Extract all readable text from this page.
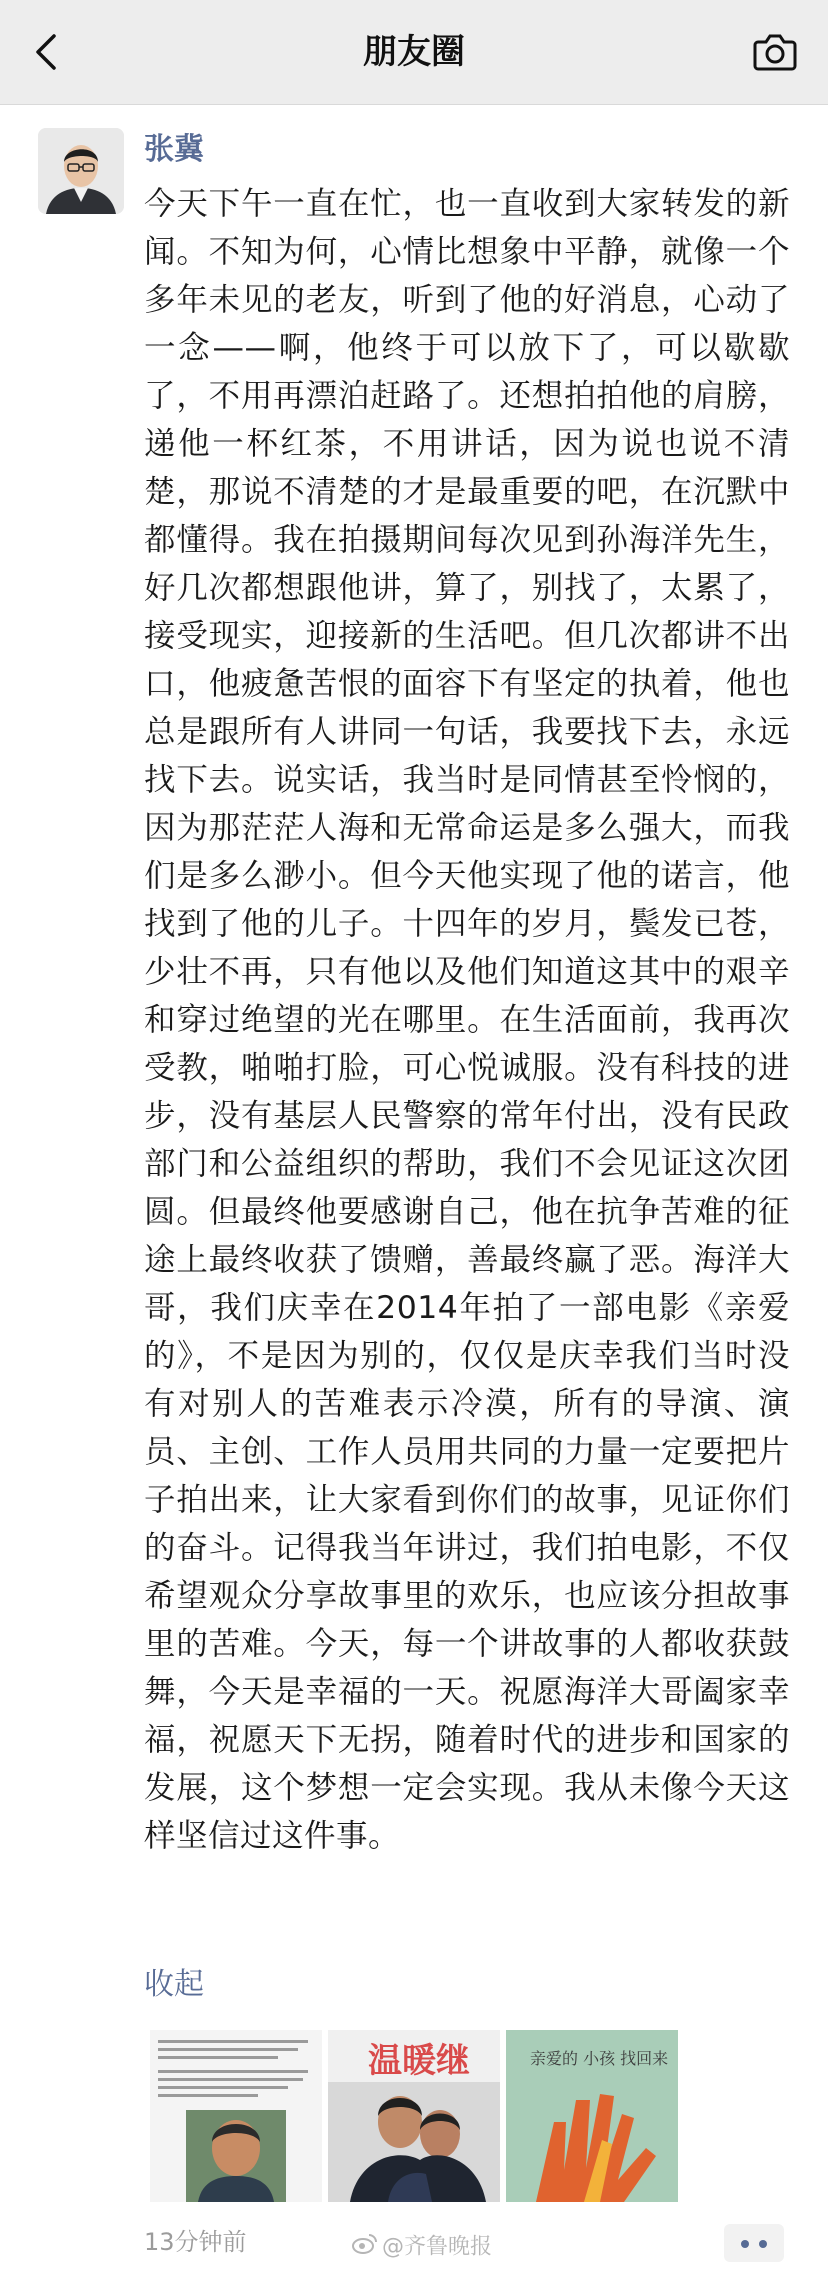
朋友圈
张冀
今天下午一直在忙，也一直收到大家转发的新闻。不知为何，心情比想象中平静，就像一个多年未见的老友，听到了他的好消息，心动了一念——啊，他终于可以放下了，可以歇歇了，不用再漂泊赶路了。还想拍拍他的肩膀，递他一杯红茶，不用讲话，因为说也说不清楚，那说不清楚的才是最重要的吧，在沉默中都懂得。我在拍摄期间每次见到孙海洋先生，好几次都想跟他讲，算了，别找了，太累了，接受现实，迎接新的生活吧。但几次都讲不出口，他疲惫苦恨的面容下有坚定的执着，他也总是跟所有人讲同一句话，我要找下去，永远找下去。说实话，我当时是同情甚至怜悯的，因为那茫茫人海和无常命运是多么强大，而我们是多么渺小。但今天他实现了他的诺言，他找到了他的儿子。十四年的岁月，鬓发已苍，少壮不再，只有他以及他们知道这其中的艰辛和穿过绝望的光在哪里。在生活面前，我再次受教，啪啪打脸，可心悦诚服。没有科技的进步，没有基层人民警察的常年付出，没有民政部门和公益组织的帮助，我们不会见证这次团圆。但最终他要感谢自己，他在抗争苦难的征途上最终收获了馈赠，善最终赢了恶。海洋大哥，我们庆幸在2014年拍了一部电影《亲爱的》，不是因为别的，仅仅是庆幸我们当时没有对别人的苦难表示冷漠，所有的导演、演员、主创、工作人员用共同的力量一定要把片子拍出来，让大家看到你们的故事，见证你们的奋斗。记得我当年讲过，我们拍电影，不仅希望观众分享故事里的欢乐，也应该分担故事里的苦难。今天，每一个讲故事的人都收获鼓舞，今天是幸福的一天。祝愿海洋大哥阖家幸福，祝愿天下无拐，随着时代的进步和国家的发展，这个梦想一定会实现。我从未像今天这样坚信过这件事。
收起
温暖继	亲爱的 小孩 找回来
13分钟前	@齐鲁晚报
